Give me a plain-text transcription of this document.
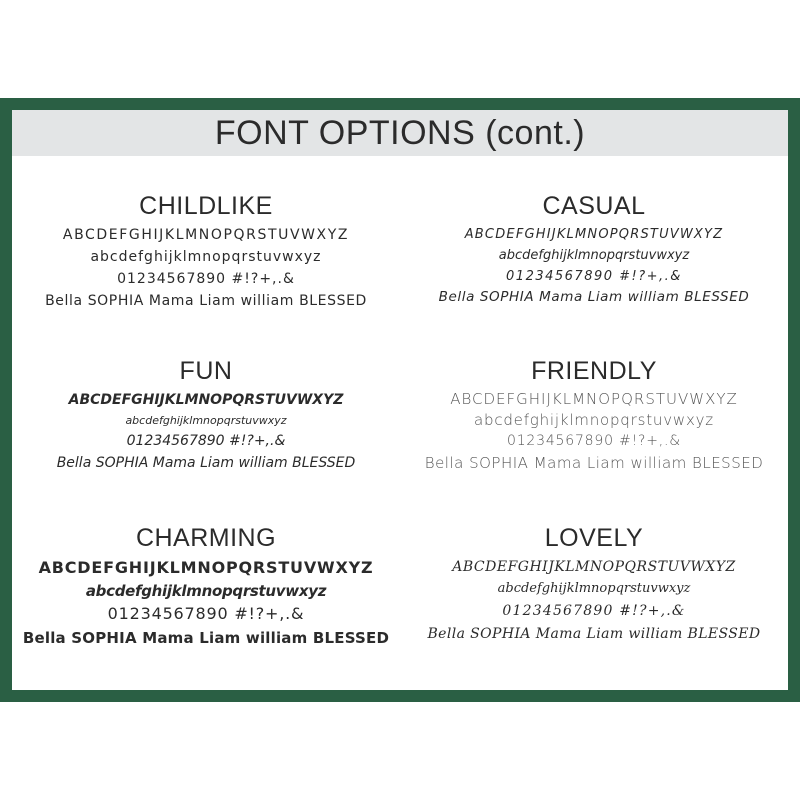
FONT OPTIONS (cont.)
CHILDLIKE
ABCDEFGHIJKLMNOPQRSTUVWXYZ
abcdefghijklmnopqrstuvwxyz
01234567890 #!?+,.&
Bella SOPHIA Mama Liam william BLESSED
CASUAL
ABCDEFGHIJKLMNOPQRSTUVWXYZ
abcdefghijklmnopqrstuvwxyz
01234567890 #!?+,.&
Bella SOPHIA Mama Liam william BLESSED
FUN
ABCDEFGHIJKLMNOPQRSTUVWXYZ
abcdefghijklmnopqrstuvwxyz
01234567890 #!?+,.&
Bella SOPHIA Mama Liam william BLESSED
FRIENDLY
ABCDEFGHIJKLMNOPQRSTUVWXYZ
abcdefghijklmnopqrstuvwxyz
01234567890 #!?+,.&
Bella SOPHIA Mama Liam william BLESSED
CHARMING
ABCDEFGHIJKLMNOPQRSTUVWXYZ
abcdefghijklmnopqrstuvwxyz
01234567890 #!?+,.&
Bella SOPHIA Mama Liam william BLESSED
LOVELY
ABCDEFGHIJKLMNOPQRSTUVWXYZ
abcdefghijklmnopqrstuvwxyz
01234567890 #!?+,.&
Bella SOPHIA Mama Liam william BLESSED
